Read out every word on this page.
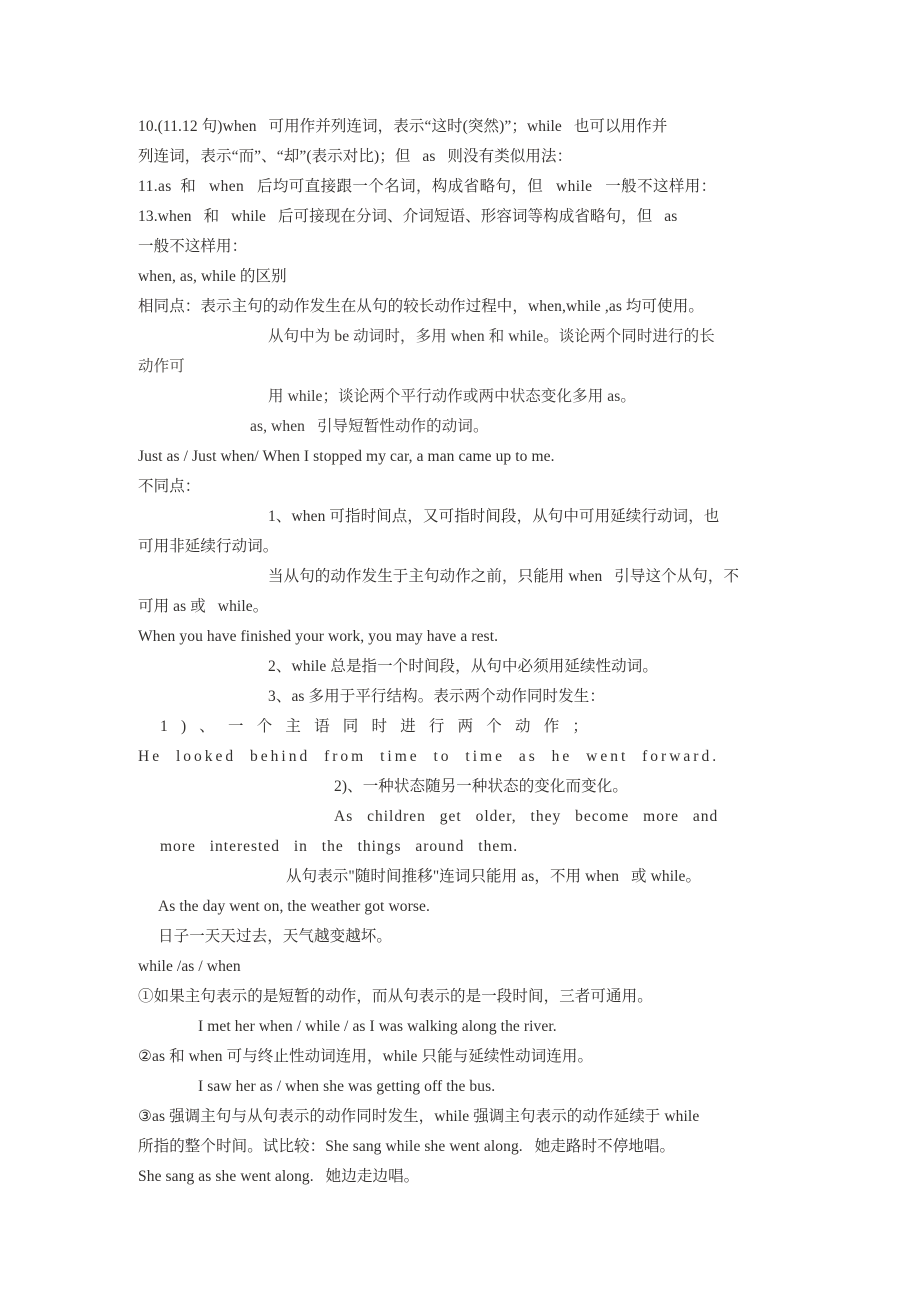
10.(11.12 句)when   可用作并列连词，表示“这时(突然)”；while   也可以用作并
列连词，表示“而”、“却”(表示对比)；但   as   则没有类似用法：
11.as  和   when   后均可直接跟一个名词，构成省略句，但   while   一般不这样用：
13.when   和   while   后可接现在分词、介词短语、形容词等构成省略句，但   as
一般不这样用：
when, as, while 的区别
相同点：表示主句的动作发生在从句的较长动作过程中，when,while ,as 均可使用。
从句中为 be 动词时，多用 when 和 while。谈论两个同时进行的长
动作可
用 while；谈论两个平行动作或两中状态变化多用 as。
as, when   引导短暂性动作的动词。
Just as / Just when/ When I stopped my car, a man came up to me.
不同点：
1、when 可指时间点，又可指时间段，从句中可用延续行动词，也
可用非延续行动词。
当从句的动作发生于主句动作之前，只能用 when   引导这个从句，不
可用 as 或   while。
When you have finished your work, you may have a rest.
2、while 总是指一个时间段，从句中必须用延续性动词。
3、as 多用于平行结构。表示两个动作同时发生：
1)、一个主语同时进行两个动作；
He looked behind from time to time as he went forward.
2)、一种状态随另一种状态的变化而变化。
As children get older, they become more and
more interested in the things around them.
从句表示"随时间推移"连词只能用 as，不用 when   或 while。
As the day went on, the weather got worse.
日子一天天过去，天气越变越坏。
while /as / when
①如果主句表示的是短暂的动作，而从句表示的是一段时间，三者可通用。
I met her when / while / as I was walking along the river.
②as 和 when 可与终止性动词连用，while 只能与延续性动词连用。
I saw her as / when she was getting off the bus.
③as 强调主句与从句表示的动作同时发生，while 强调主句表示的动作延续于 while
所指的整个时间。试比较：She sang while she went along.   她走路时不停地唱。
She sang as she went along.   她边走边唱。
